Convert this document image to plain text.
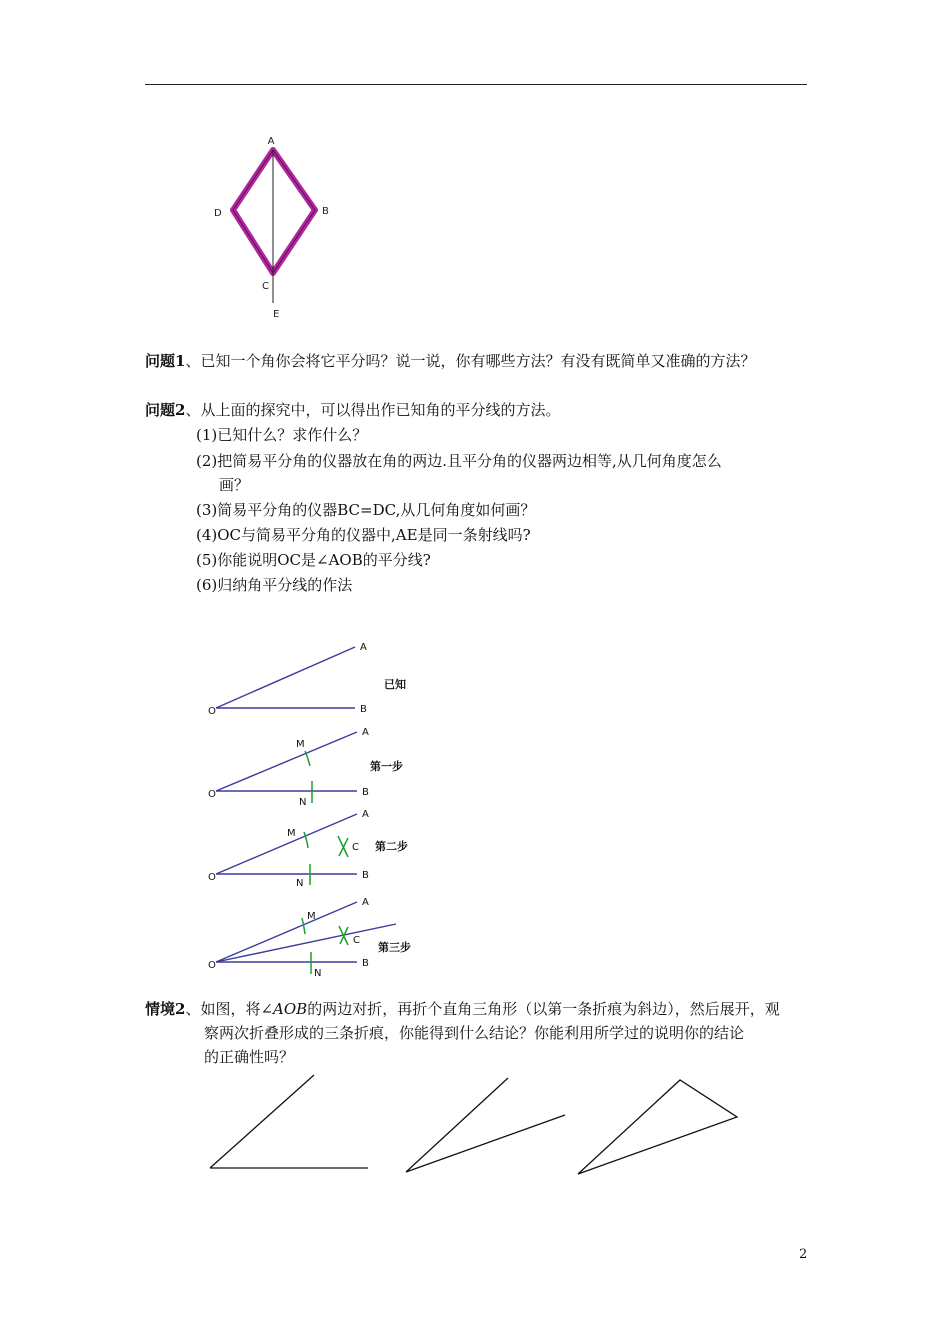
A
B
D
C
E
问题1、已知一个角你会将它平分吗？说一说，你有哪些方法？有没有既简单又准确的方法？
问题2、从上面的探究中，可以得出作已知角的平分线的方法。
(1)已知什么？求作什么？
(2)把简易平分角的仪器放在角的两边.且平分角的仪器两边相等,从几何角度怎么
画？
(3)简易平分角的仪器BC=DC,从几何角度如何画？
(4)OC与简易平分角的仪器中,AE是同一条射线吗?
(5)你能说明OC是∠AOB的平分线?
(6)归纳角平分线的作法
O
A
B
O
A
B
M
N
O
A
B
M
N
C
O
A
B
M
N
C
已知
第一步
第二步
第三步
情境2、如图，将∠AOB的两边对折，再折个直角三角形（以第一条折痕为斜边），然后展开，观
察两次折叠形成的三条折痕，你能得到什么结论？你能利用所学过的说明你的结论
的正确性吗？
2
